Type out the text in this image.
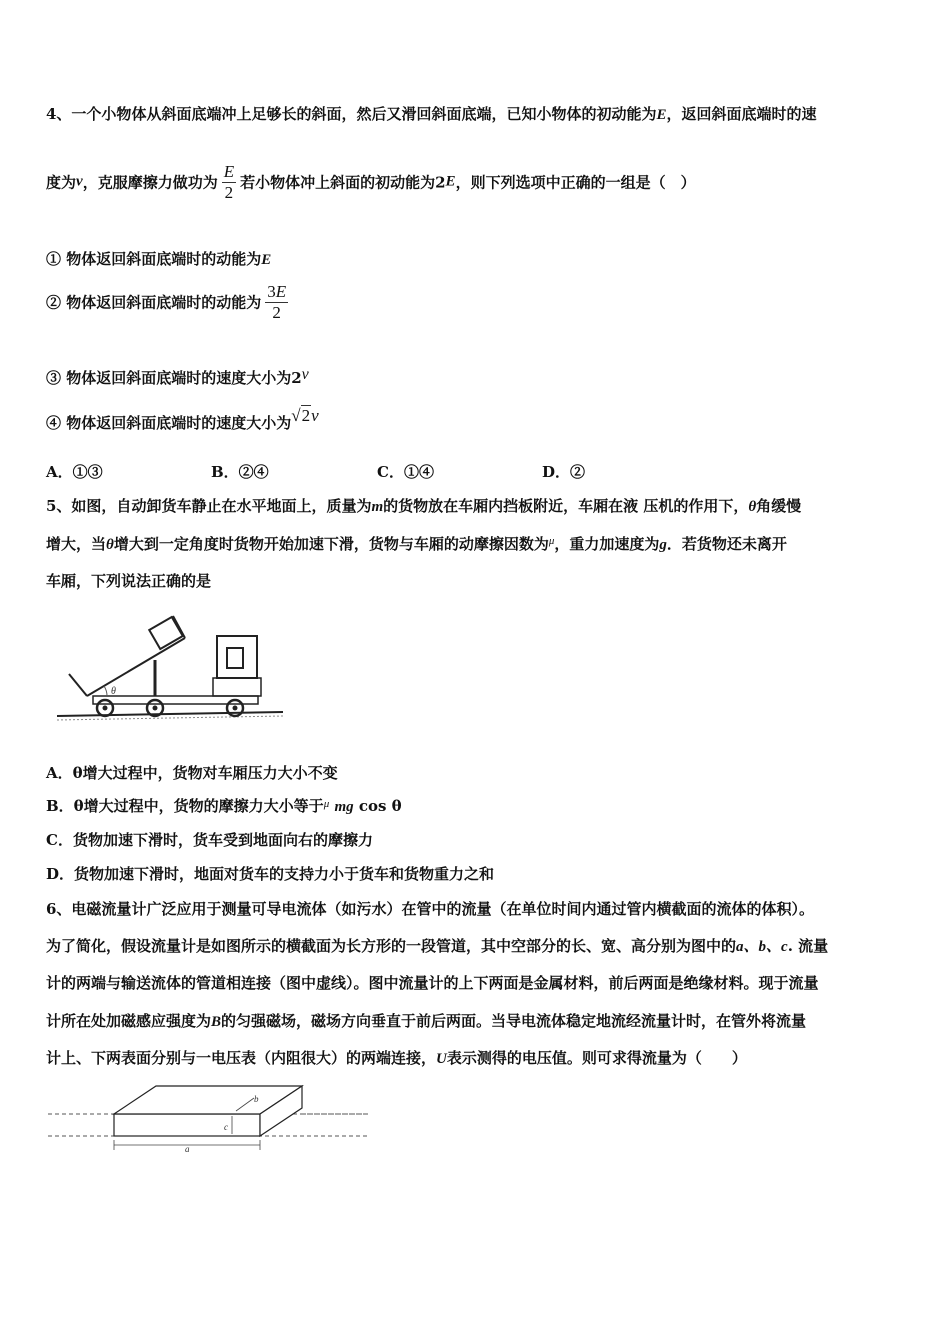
4、一个小物体从斜面底端冲上足够长的斜面，然后又滑回斜面底端，已知小物体的初动能为E，返回斜面底端时的速
度为v，克服摩擦力做功为 $\frac{E}{2}$ 若小物体冲上斜面的初动能为2E，则下列选项中正确的一组是（　）
① 物体返回斜面底端时的动能为E
② 物体返回斜面底端时的动能为 $\frac{3E}{2}$
③ 物体返回斜面底端时的速度大小为2v
④ 物体返回斜面底端时的速度大小为√2v
A．①③	B．②④	C．①④	D．②
5、如图，自动卸货车静止在水平地面上，质量为m的货物放在车厢内挡板附近，车厢在液 压机的作用下，θ角缓慢
增大，当θ增大到一定角度时货物开始加速下滑，货物与车厢的动摩擦因数为$^\mu$，重力加速度为g．若货物还未离开
车厢，下列说法正确的是
θ
A．θ增大过程中，货物对车厢压力大小不变
B．θ增大过程中，货物的摩擦力大小等于$^\mu$ mg cos θ
C．货物加速下滑时，货车受到地面向右的摩擦力
D．货物加速下滑时，地面对货车的支持力小于货车和货物重力之和
6、电磁流量计广泛应用于测量可导电流体（如污水）在管中的流量（在单位时间内通过管内横截面的流体的体积）。
为了简化，假设流量计是如图所示的横截面为长方形的一段管道，其中空部分的长、宽、高分别为图中的a、b、c. 流量
计的两端与输送流体的管道相连接（图中虚线）。图中流量计的上下两面是金属材料，前后两面是绝缘材料。现于流量
计所在处加磁感应强度为B的匀强磁场，磁场方向垂直于前后两面。当导电流体稳定地流经流量计时，在管外将流量
计上、下两表面分别与一电压表（内阻很大）的两端连接，U表示测得的电压值。则可求得流量为（　　）
b
c
a
